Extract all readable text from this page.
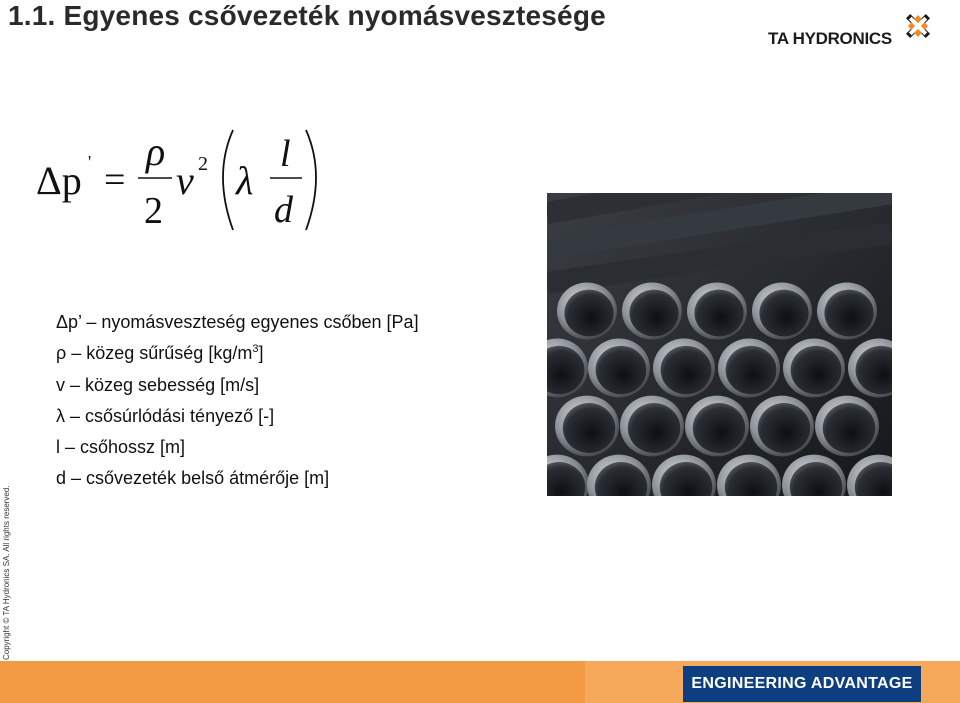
1.1. Egyenes csővezeték nyomásvesztesége
TA HYDRONICS
Δp ' =
ρ
2
v 2 λ
l
d
Δp’ – nyomásveszteség egyenes csőben [Pa]
ρ – közeg sűrűség $[kg/m^3]$
v – közeg sebesség [m/s]
λ – csősúrlódási tényező [-]
l – csőhossz [m]
d – csővezeték belső átmérője [m]
Copyright © TA Hydronics SA. All rights reserved.
ENGINEERING ADVANTAGE
